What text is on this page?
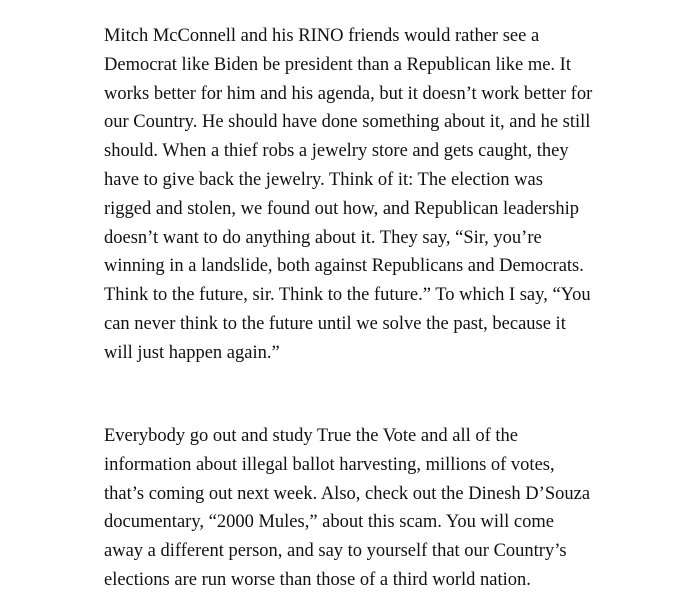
Mitch McConnell and his RINO friends would rather see a
Democrat like Biden be president than a Republican like me. It
works better for him and his agenda, but it doesn’t work better for
our Country. He should have done something about it, and he still
should. When a thief robs a jewelry store and gets caught, they
have to give back the jewelry. Think of it: The election was
rigged and stolen, we found out how, and Republican leadership
doesn’t want to do anything about it. They say, “Sir, you’re
winning in a landslide, both against Republicans and Democrats.
Think to the future, sir. Think to the future.” To which I say, “You
can never think to the future until we solve the past, because it
will just happen again.”

Everybody go out and study True the Vote and all of the
information about illegal ballot harvesting, millions of votes,
that’s coming out next week. Also, check out the Dinesh D’Souza
documentary, “2000 Mules,” about this scam. You will come
away a different person, and say to yourself that our Country’s
elections are run worse than those of a third world nation.
